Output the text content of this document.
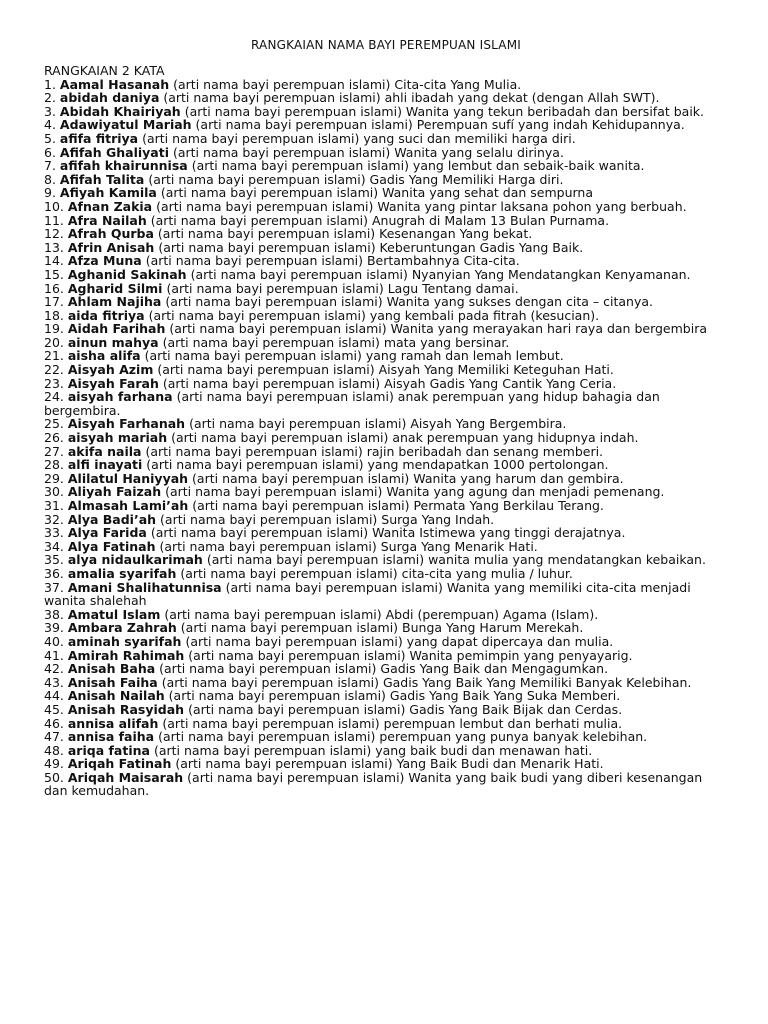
RANGKAIAN NAMA BAYI PEREMPUAN ISLAMI
RANGKAIAN 2 KATA
1. Aamal Hasanah (arti nama bayi perempuan islami) Cita-cita Yang Mulia.
2. abidah daniya (arti nama bayi perempuan islami) ahli ibadah yang dekat (dengan Allah SWT).
3. Abidah Khairiyah (arti nama bayi perempuan islami) Wanita yang tekun beribadah dan bersifat baik.
4. Adawiyatul Mariah (arti nama bayi perempuan islami) Perempuan sufí yang indah Kehidupannya.
5. afifa fitriya (arti nama bayi perempuan islami) yang suci dan memiliki harga diri.
6. Afifah Ghaliyati (arti nama bayi perempuan islami) Wanita yang selalu dirinya.
7. afifah khairunnisa (arti nama bayi perempuan islami) yang lembut dan sebaik-baik wanita.
8. Afifah Talita (arti nama bayi perempuan islami) Gadis Yang Memiliki Harga diri.
9. Afiyah Kamila (arti nama bayi perempuan islami) Wanita yang sehat dan sempurna
10. Afnan Zakia (arti nama bayi perempuan islami) Wanita yang pintar laksana pohon yang berbuah.
11. Afra Nailah (arti nama bayi perempuan islami) Anugrah di Malam 13 Bulan Purnama.
12. Afrah Qurba (arti nama bayi perempuan islami) Kesenangan Yang bekat.
13. Afrin Anisah (arti nama bayi perempuan islami) Keberuntungan Gadis Yang Baik.
14. Afza Muna (arti nama bayi perempuan islami) Bertambahnya Cita-cita.
15. Aghanid Sakinah (arti nama bayi perempuan islami) Nyanyian Yang Mendatangkan Kenyamanan.
16. Agharid Silmi (arti nama bayi perempuan islami) Lagu Tentang damai.
17. Ahlam Najiha (arti nama bayi perempuan islami) Wanita yang sukses dengan cita – citanya.
18. aida fitriya (arti nama bayi perempuan islami) yang kembali pada fitrah (kesucian).
19. Aidah Farihah (arti nama bayi perempuan islami) Wanita yang merayakan hari raya dan bergembira
20. ainun mahya (arti nama bayi perempuan islami) mata yang bersinar.
21. aisha alifa (arti nama bayi perempuan islami) yang ramah dan lemah lembut.
22. Aisyah Azim (arti nama bayi perempuan islami) Aisyah Yang Memiliki Keteguhan Hati.
23. Aisyah Farah (arti nama bayi perempuan islami) Aisyah Gadis Yang Cantik Yang Ceria.
24. aisyah farhana (arti nama bayi perempuan islami) anak perempuan yang hidup bahagia dan bergembira.
25. Aisyah Farhanah (arti nama bayi perempuan islami) Aisyah Yang Bergembira.
26. aisyah mariah (arti nama bayi perempuan islami) anak perempuan yang hidupnya indah.
27. akifa naila (arti nama bayi perempuan islami) rajin beribadah dan senang memberi.
28. alfi inayati (arti nama bayi perempuan islami) yang mendapatkan 1000 pertolongan.
29. Alilatul Haniyyah (arti nama bayi perempuan islami) Wanita yang harum dan gembira.
30. Aliyah Faizah (arti nama bayi perempuan islami) Wanita yang agung dan menjadi pemenang.
31. Almasah Lami’ah (arti nama bayi perempuan islami) Permata Yang Berkilau Terang.
32. Alya Badi’ah (arti nama bayi perempuan islami) Surga Yang Indah.
33. Alya Farida (arti nama bayi perempuan islami) Wanita Istimewa yang tinggi derajatnya.
34. Alya Fatinah (arti nama bayi perempuan islami) Surga Yang Menarik Hati.
35. alya nidaulkarimah (arti nama bayi perempuan islami) wanita mulia yang mendatangkan kebaikan.
36. amalia syarifah (arti nama bayi perempuan islami) cita-cita yang mulia / luhur.
37. Amani Shalihatunnisa (arti nama bayi perempuan islami) Wanita yang memiliki cita-cita menjadi wanita shalehah
38. Amatul Islam (arti nama bayi perempuan islami) Abdi (perempuan) Agama (Islam).
39. Ambara Zahrah (arti nama bayi perempuan islami) Bunga Yang Harum Merekah.
40. aminah syarifah (arti nama bayi perempuan islami) yang dapat dipercaya dan mulia.
41. Amirah Rahimah (arti nama bayi perempuan islami) Wanita pemimpin yang penyayarig.
42. Anisah Baha (arti nama bayi perempuan islami) Gadis Yang Baik dan Mengagumkan.
43. Anisah Faiha (arti nama bayi perempuan islami) Gadis Yang Baik Yang Memiliki Banyak Kelebihan.
44. Anisah Nailah (arti nama bayi perempuan islami) Gadis Yang Baik Yang Suka Memberi.
45. Anisah Rasyidah (arti nama bayi perempuan islami) Gadis Yang Baik Bijak dan Cerdas.
46. annisa alifah (arti nama bayi perempuan islami) perempuan lembut dan berhati mulia.
47. annisa faiha (arti nama bayi perempuan islami) perempuan yang punya banyak kelebihan.
48. ariqa fatina (arti nama bayi perempuan islami) yang baik budi dan menawan hati.
49. Ariqah Fatinah (arti nama bayi perempuan islami) Yang Baik Budi dan Menarik Hati.
50. Ariqah Maisarah (arti nama bayi perempuan islami) Wanita yang baik budi yang diberi kesenangan dan kemudahan.
